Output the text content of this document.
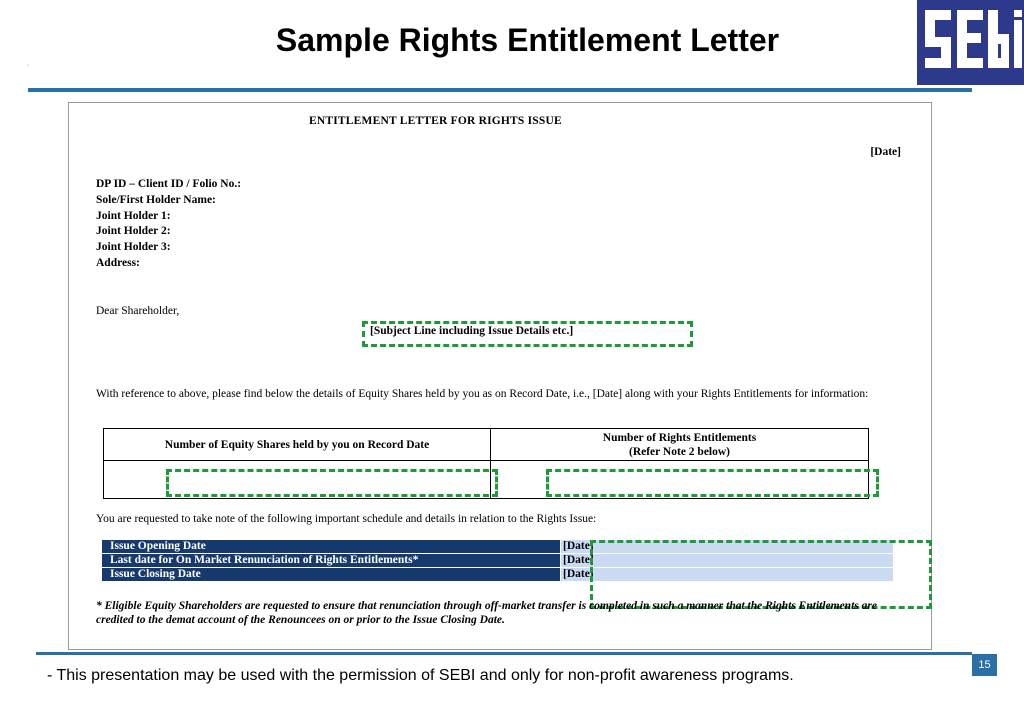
Sample Rights Entitlement Letter
·
ENTITLEMENT LETTER FOR RIGHTS ISSUE
[Date]
DP ID – Client ID / Folio No.:
Sole/First Holder Name:
Joint Holder 1:
Joint Holder 2:
Joint Holder 3:
Address:
Dear Shareholder,
[Subject Line including Issue Details etc.]
With reference to above, please find below the details of Equity Shares held by you as on Record Date, i.e., [Date] along with your Rights Entitlements for information:
Number of Equity Shares held by you on Record Date	Number of Rights Entitlements
(Refer Note 2 below)

You are requested to take note of the following important schedule and details in relation to the Rights Issue:
Issue Opening Date	[Date]
Last date for On Market Renunciation of Rights Entitlements*	[Date]
Issue Closing Date	[Date]
* Eligible Equity Shareholders are requested to ensure that renunciation through off-market transfer is completed in such a manner that the Rights Entitlements are credited to the demat account of the Renouncees on or prior to the Issue Closing Date.
- This presentation may be used with the permission of SEBI and only for non-profit awareness programs.
15
